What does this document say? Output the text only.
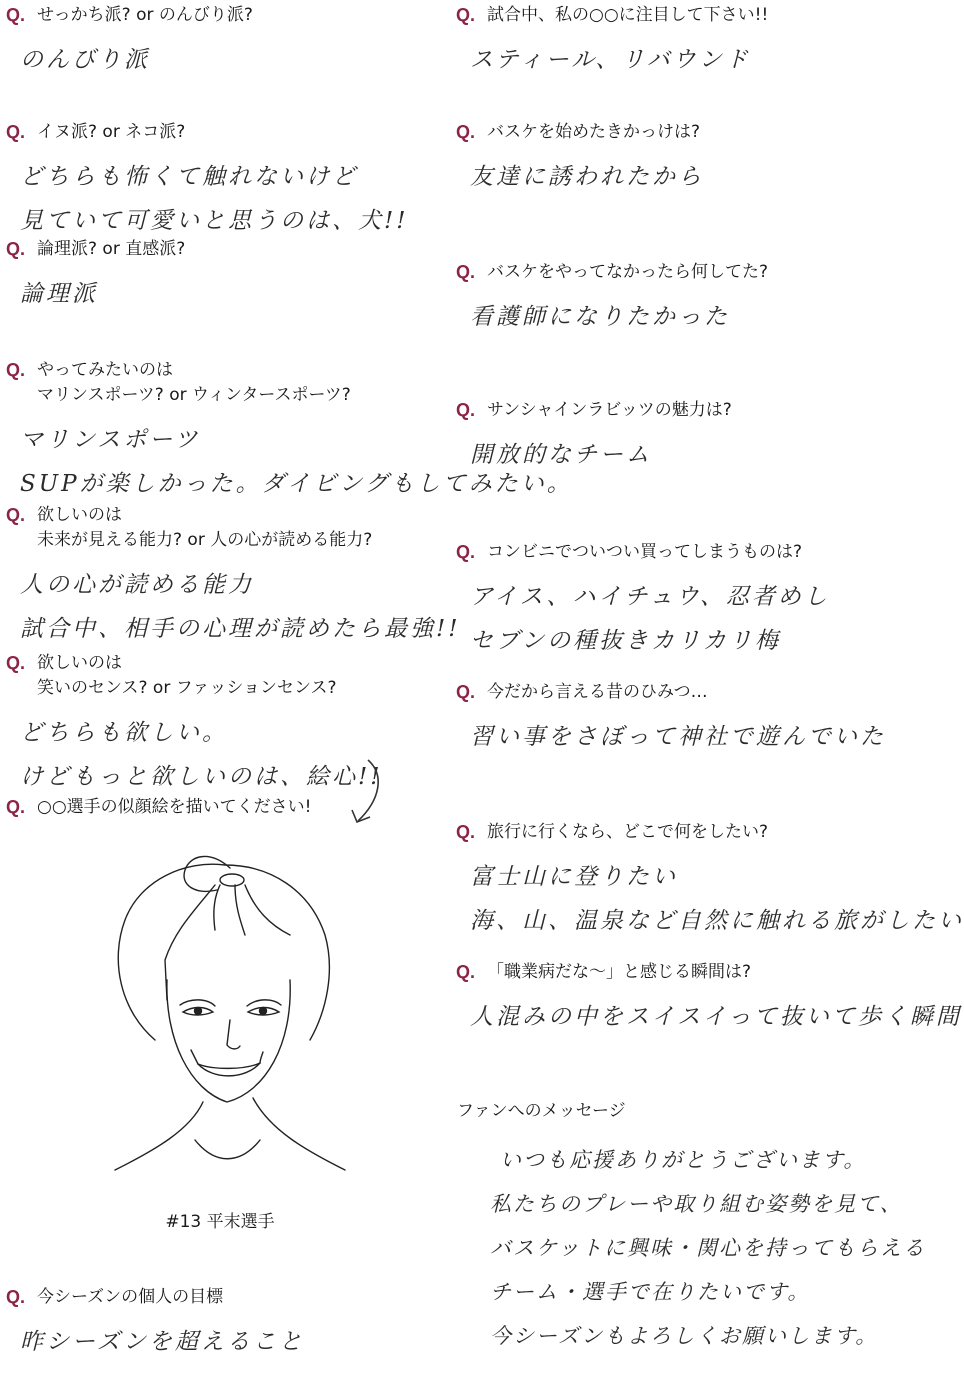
Q. せっかち派? or のんびり派?
のんびり派
Q. イヌ派? or ネコ派?
どちらも怖くて触れないけど
見ていて可愛いと思うのは、犬!!
Q. 論理派? or 直感派?
論理派
Q. やってみたいのは
マリンスポーツ? or ウィンタースポーツ?
マリンスポーツ
SUPが楽しかった。ダイビングもしてみたい。
Q. 欲しいのは
未来が見える能力? or 人の心が読める能力?
人の心が読める能力
試合中、相手の心理が読めたら最強!!
Q. 欲しいのは
笑いのセンス? or ファッションセンス?
どちらも欲しい。
けどもっと欲しいのは、絵心!!
Q. ○○選手の似顔絵を描いてください!
Q. 今シーズンの個人の目標
昨シーズンを超えること
Q. 試合中、私の○○に注目して下さい!!
スティール、リバウンド
Q. バスケを始めたきかっけは?
友達に誘われたから
Q. バスケをやってなかったら何してた?
看護師になりたかった
Q. サンシャインラビッツの魅力は?
開放的なチーム
Q. コンビニでついつい買ってしまうものは?
アイス、ハイチュウ、忍者めし
セブンの種抜きカリカリ梅
Q. 今だから言える昔のひみつ…
習い事をさぼって神社で遊んでいた
Q. 旅行に行くなら、どこで何をしたい?
富士山に登りたい
海、山、温泉など自然に触れる旅がしたい
Q. 「職業病だな～」と感じる瞬間は?
人混みの中をスイスイって抜いて歩く瞬間
#13 平末選手
ファンへのメッセージ
いつも応援ありがとうございます。
私たちのプレーや取り組む姿勢を見て、
バスケットに興味・関心を持ってもらえる
チーム・選手で在りたいです。
今シーズンもよろしくお願いします。
